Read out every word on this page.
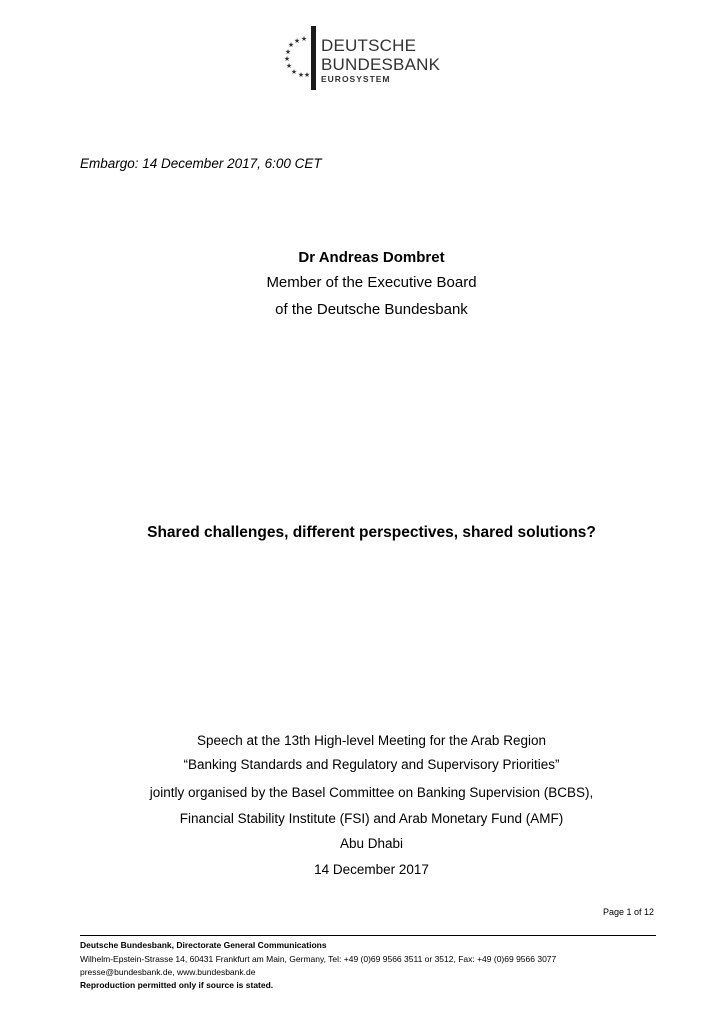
★
★
★
★
★
★
★ ★ ★
DEUTSCHE
BUNDESBANK
EUROSYSTEM
Embargo: 14 December 2017, 6:00 CET
Dr Andreas Dombret
Member of the Executive Board
of the Deutsche Bundesbank
Shared challenges, different perspectives, shared solutions?
Speech at the 13th High-level Meeting for the Arab Region
“Banking Standards and Regulatory and Supervisory Priorities”
jointly organised by the Basel Committee on Banking Supervision (BCBS),
Financial Stability Institute (FSI) and Arab Monetary Fund (AMF)
Abu Dhabi
14 December 2017
Page 1 of 12
Deutsche Bundesbank, Directorate General Communications
Wilhelm-Epstein-Strasse 14, 60431 Frankfurt am Main, Germany, Tel: +49 (0)69 9566 3511 or 3512, Fax: +49 (0)69 9566 3077
presse@bundesbank.de, www.bundesbank.de
Reproduction permitted only if source is stated.
